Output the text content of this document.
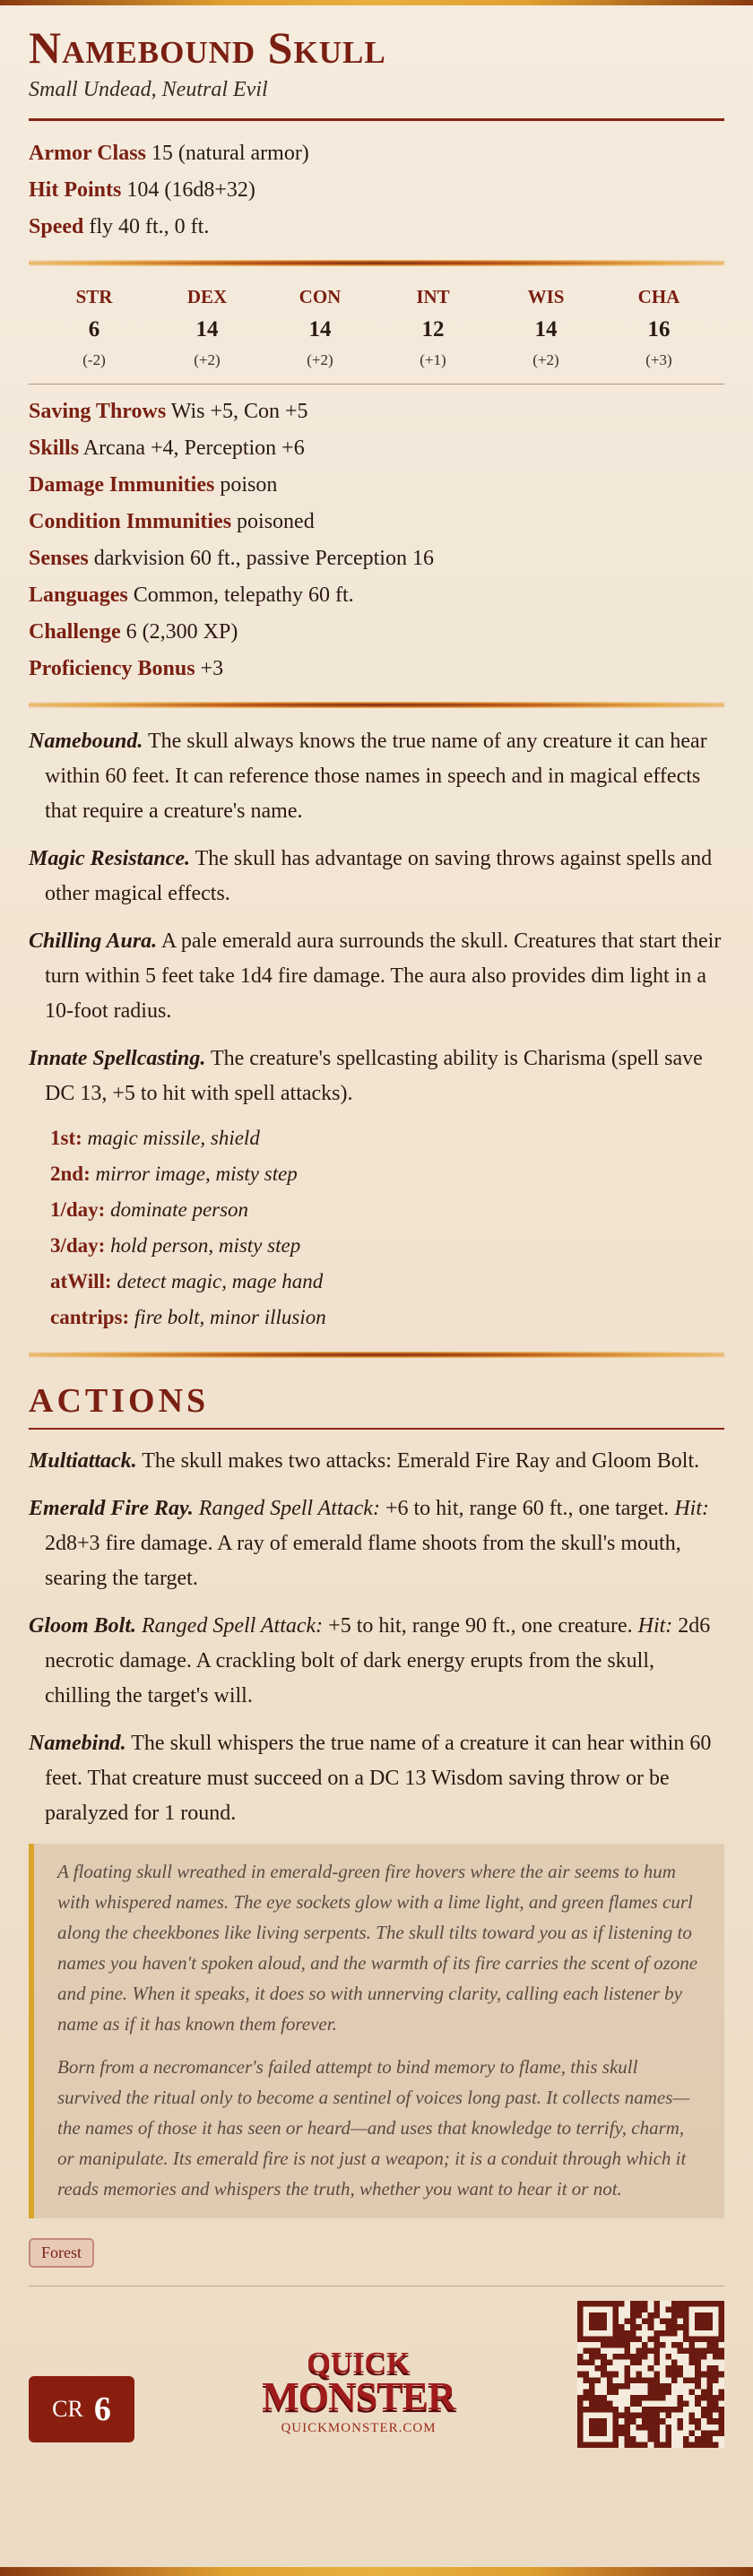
Namebound Skull
Small Undead, Neutral Evil
Armor Class 15 (natural armor)
Hit Points 104 (16d8+32)
Speed fly 40 ft., 0 ft.
STR
6
(-2)
DEX
14
(+2)
CON
14
(+2)
INT
12
(+1)
WIS
14
(+2)
CHA
16
(+3)
Saving Throws Wis +5, Con +5
Skills Arcana +4, Perception +6
Damage Immunities poison
Condition Immunities poisoned
Senses darkvision 60 ft., passive Perception 16
Languages Common, telepathy 60 ft.
Challenge 6 (2,300 XP)
Proficiency Bonus +3
Namebound. The skull always knows the true name of any creature it can hear within 60 feet. It can reference those names in speech and in magical effects that require a creature's name.
Magic Resistance. The skull has advantage on saving throws against spells and other magical effects.
Chilling Aura. A pale emerald aura surrounds the skull. Creatures that start their turn within 5 feet take 1d4 fire damage. The aura also provides dim light in a 10-foot radius.
Innate Spellcasting. The creature's spellcasting ability is Charisma (spell save DC 13, +5 to hit with spell attacks).
1st: magic missile, shield
2nd: mirror image, misty step
1/day: dominate person
3/day: hold person, misty step
atWill: detect magic, mage hand
cantrips: fire bolt, minor illusion
ACTIONS
Multiattack. The skull makes two attacks: Emerald Fire Ray and Gloom Bolt.
Emerald Fire Ray. Ranged Spell Attack: +6 to hit, range 60 ft., one target. Hit: 2d8+3 fire damage. A ray of emerald flame shoots from the skull's mouth, searing the target.
Gloom Bolt. Ranged Spell Attack: +5 to hit, range 90 ft., one creature. Hit: 2d6 necrotic damage. A crackling bolt of dark energy erupts from the skull, chilling the target's will.
Namebind. The skull whispers the true name of a creature it can hear within 60 feet. That creature must succeed on a DC 13 Wisdom saving throw or be paralyzed for 1 round.

A floating skull wreathed in emerald-green fire hovers where the air seems to hum with whispered names. The eye sockets glow with a lime light, and green flames curl along the cheekbones like living serpents. The skull tilts toward you as if listening to names you haven't spoken aloud, and the warmth of its fire carries the scent of ozone and pine. When it speaks, it does so with unnerving clarity, calling each listener by name as if it has known them forever.

Born from a necromancer's failed attempt to bind memory to flame, this skull survived the ritual only to become a sentinel of voices long past. It collects names—the names of those it has seen or heard—and uses that knowledge to terrify, charm, or manipulate. Its emerald fire is not just a weapon; it is a conduit through which it reads memories and whispers the truth, whether you want to hear it or not.

Forest
CR 6
QUICK
MONSTER
QUICKMONSTER.COM
